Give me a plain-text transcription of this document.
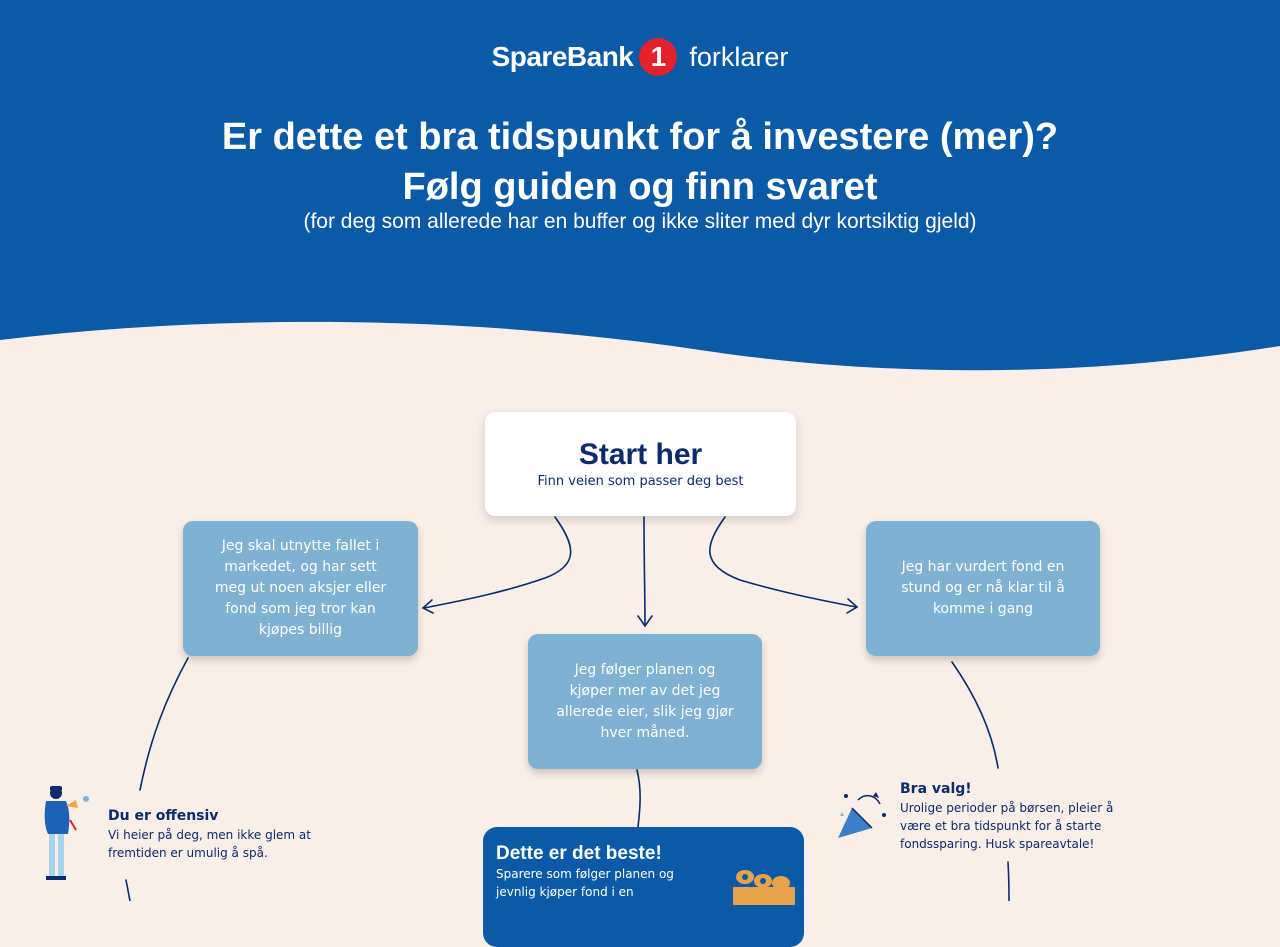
SpareBank 1 forklarer
Er dette et bra tidspunkt for å investere (mer)?
Følg guiden og finn svaret
(for deg som allerede har en buffer og ikke sliter med dyr kortsiktig gjeld)
Start her
Finn veien som passer deg best
Jeg skal utnytte fallet i markedet, og har sett meg ut noen aksjer eller fond som jeg tror kan kjøpes billig
Jeg følger planen og kjøper mer av det jeg allerede eier, slik jeg gjør hver måned.
Jeg har vurdert fond en stund og er nå klar til å komme i gang
Du er offensiv
Vi heier på deg, men ikke glem at fremtiden er umulig å spå.
Bra valg!
Urolige perioder på børsen, pleier å være et bra tidspunkt for å starte fondssparing. Husk spareavtale!
Dette er det beste!
Sparere som følger planen og jevnlig kjøper fond i en
